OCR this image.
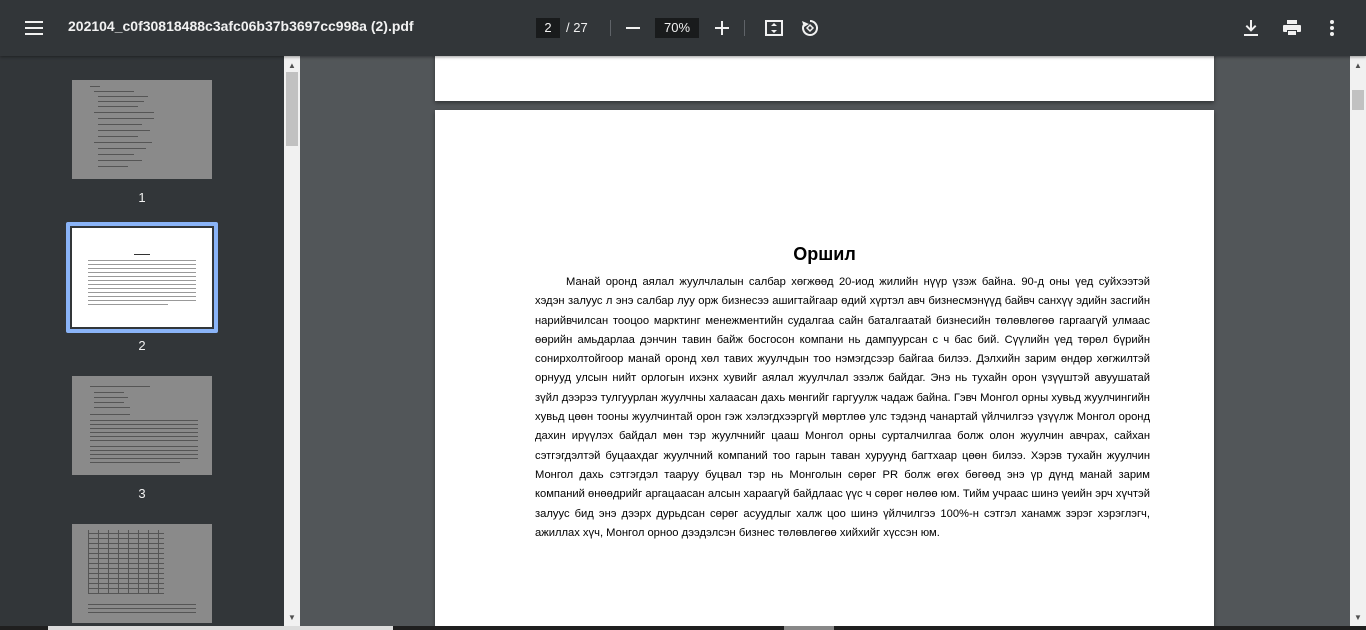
202104_c0f30818488c3afc06b37b3697cc998a (2).pdf	2	/ 27	70%
1
2
3
▲
▼
Оршил
Манай оронд аялал жуулчлалын салбар хөгжөөд 20-иод жилийн нүүр үзэж байна. 90-д оны үед суйхээтэй хэдэн залуус л энэ салбар луу орж бизнесээ ашигтайгаар өдий хүртэл авч бизнесмэнүүд байвч санхүү эдийн засгийн нарийвчилсан тооцоо марктинг менежментийн судалгаа сайн баталгаатай бизнесийн төлөвлөгөө гаргаагүй улмаас өөрийн амьдарлаа дэнчин тавин байж босгосон компани нь дампуурсан с ч бас бий. Сүүлийн үед төрөл бүрийн сонирхолтойгоор манай оронд хөл тавих жуулчдын тоо нэмэгдсээр байгаа билээ. Дэлхийн зарим өндөр хөгжилтэй орнууд улсын нийт орлогын ихэнх хувийг аялал жуулчлал эзэлж байдаг. Энэ нь тухайн орон үзүүштэй авуушатай зүйл дээрээ тулгуурлан жуулчны халаасан дахь мөнгийг гаргуулж чадаж байна. Гэвч Монгол орны хувьд жуулчингийн хувьд цөөн тооны жуулчинтай орон гэж хэлэгдхээргүй мөртлөө улс тэдэнд чанартай үйлчилгээ үзүүлж Монгол оронд дахин ирүүлэх байдал мөн тэр жуулчнийг цааш Монгол орны сурталчилгаа болж олон жуулчин авчрах, сайхан сэтгэгдэлтэй буцаахдаг жуулчний компаний тоо гарын таван хуруунд багтхаар цөөн билээ. Хэрэв тухайн жуулчин Монгол дахь сэтгэгдэл тааруу буцвал тэр нь Монголын сөрөг PR болж өгөх бөгөөд энэ үр дүнд манай зарим компаний өнөөдрийг аргацаасан алсын хараагүй байдлаас үүс ч сөрөг нөлөө юм. Тийм учраас шинэ үеийн эрч хүчтэй залуус бид энэ дээрх дурьдсан сөрөг асуудлыг халж цоо шинэ үйлчилгээ 100%-н сэтгэл ханамж зэрэг хэрэглэгч, ажиллах хүч, Монгол орноо дээдэлсэн бизнес төлөвлөгөө хийхийг хүссэн юм.
▲
▼
